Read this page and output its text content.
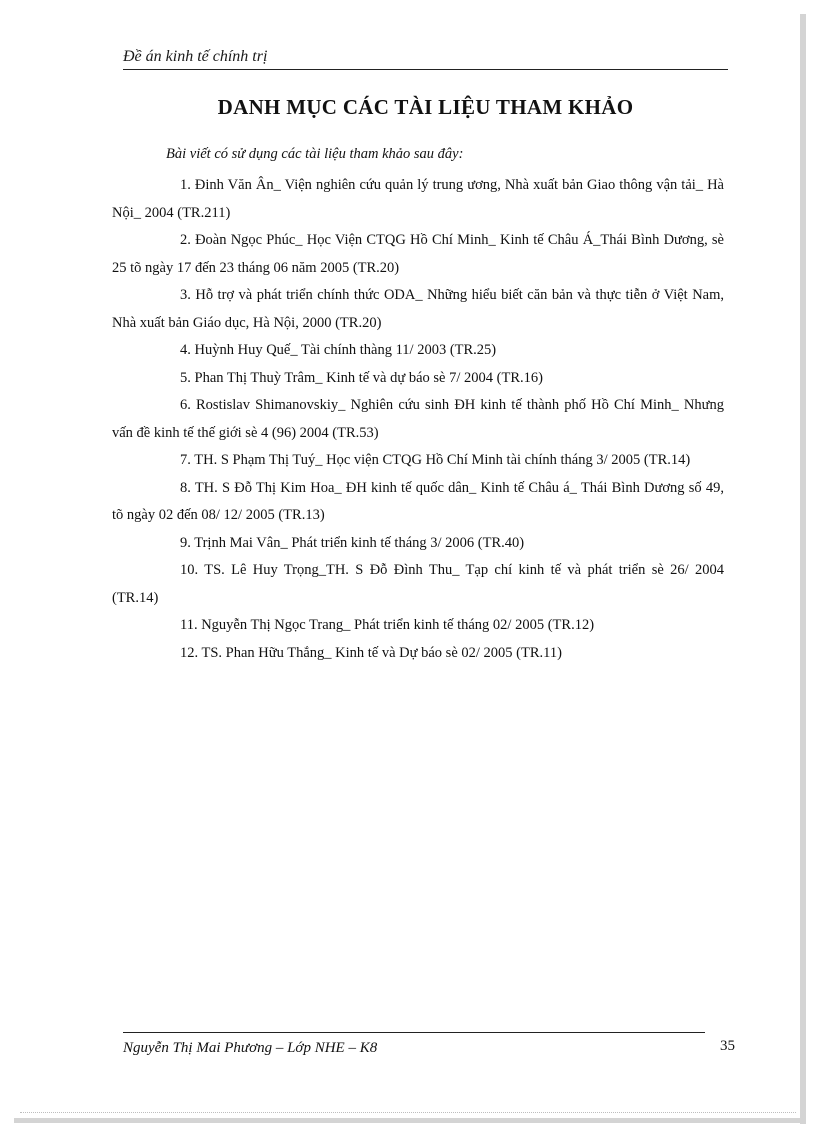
Đề án kinh tế chính trị
DANH MỤC CÁC TÀI LIỆU THAM KHẢO
Bài viết có sử dụng các tài liệu tham khảo sau đây:

1. Đinh Văn Ân_ Viện nghiên cứu quản lý trung ương, Nhà xuất bản Giao thông vận tải_ Hà Nội_ 2004 (TR.211)

2. Đoàn Ngọc Phúc_ Học Viện CTQG Hồ Chí Minh_ Kinh tế Châu Á_Thái Bình Dương, sè 25 tõ ngày 17 đến 23 tháng 06 năm 2005 (TR.20)

3. Hỗ trợ và phát triển chính thức ODA_ Những hiểu biết căn bản và thực tiễn ở Việt Nam, Nhà xuất bản Giáo dục, Hà Nội, 2000 (TR.20)

4. Huỳnh Huy Quế_ Tài chính thàng 11/ 2003 (TR.25)

5. Phan Thị Thuỳ Trâm_ Kinh tế và dự báo sè 7/ 2004 (TR.16)

6. Rostislav Shimanovskiy_ Nghiên cứu sinh ĐH kinh tế thành phố Hồ Chí Minh_ Nhưng vấn đề kinh tế thế giới sè 4 (96) 2004 (TR.53)

7. TH. S Phạm Thị Tuý_ Học viện CTQG Hồ Chí Minh tài chính tháng 3/ 2005 (TR.14)

8. TH. S Đỗ Thị Kim Hoa_ ĐH kinh tế quốc dân_ Kinh tế Châu á_ Thái Bình Dương số 49, tõ ngày 02 đến 08/ 12/ 2005 (TR.13)

9. Trịnh Mai Vân_ Phát triển kinh tế tháng 3/ 2006 (TR.40)

10. TS. Lê Huy Trọng_TH. S Đỗ Đình Thu_ Tạp chí kinh tế và phát triển sè 26/ 2004 (TR.14)

11. Nguyễn Thị Ngọc Trang_ Phát triển kinh tế tháng 02/ 2005 (TR.12)

12. TS. Phan Hữu Thắng_ Kinh tế và Dự báo sè 02/ 2005 (TR.11)

Nguyễn Thị Mai Phương – Lớp NHE – K8	35
